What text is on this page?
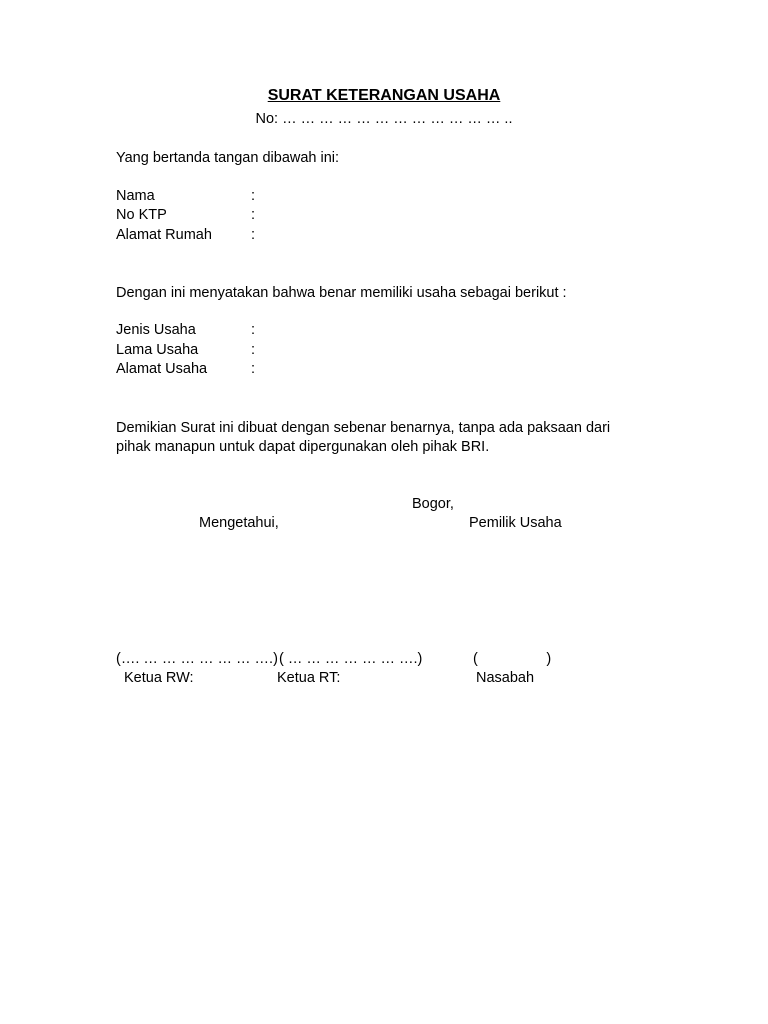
SURAT KETERANGAN USAHA
No: … … … … … … … … … … … … ..
Yang bertanda tangan dibawah ini:
Nama	:
No KTP	:
Alamat Rumah	:
Dengan ini menyatakan bahwa benar memiliki usaha sebagai berikut :
Jenis Usaha	:
Lama Usaha	:
Alamat Usaha	:
Demikian Surat ini dibuat dengan sebenar benarnya, tanpa ada paksaan dari
pihak manapun untuk dapat dipergunakan oleh pihak BRI.
Bogor,
Mengetahui,	Pemilik Usaha
(…. … … … … … … ….) ( … … … … … … ….)	(                 )
Ketua RW:	Ketua RT:	Nasabah
